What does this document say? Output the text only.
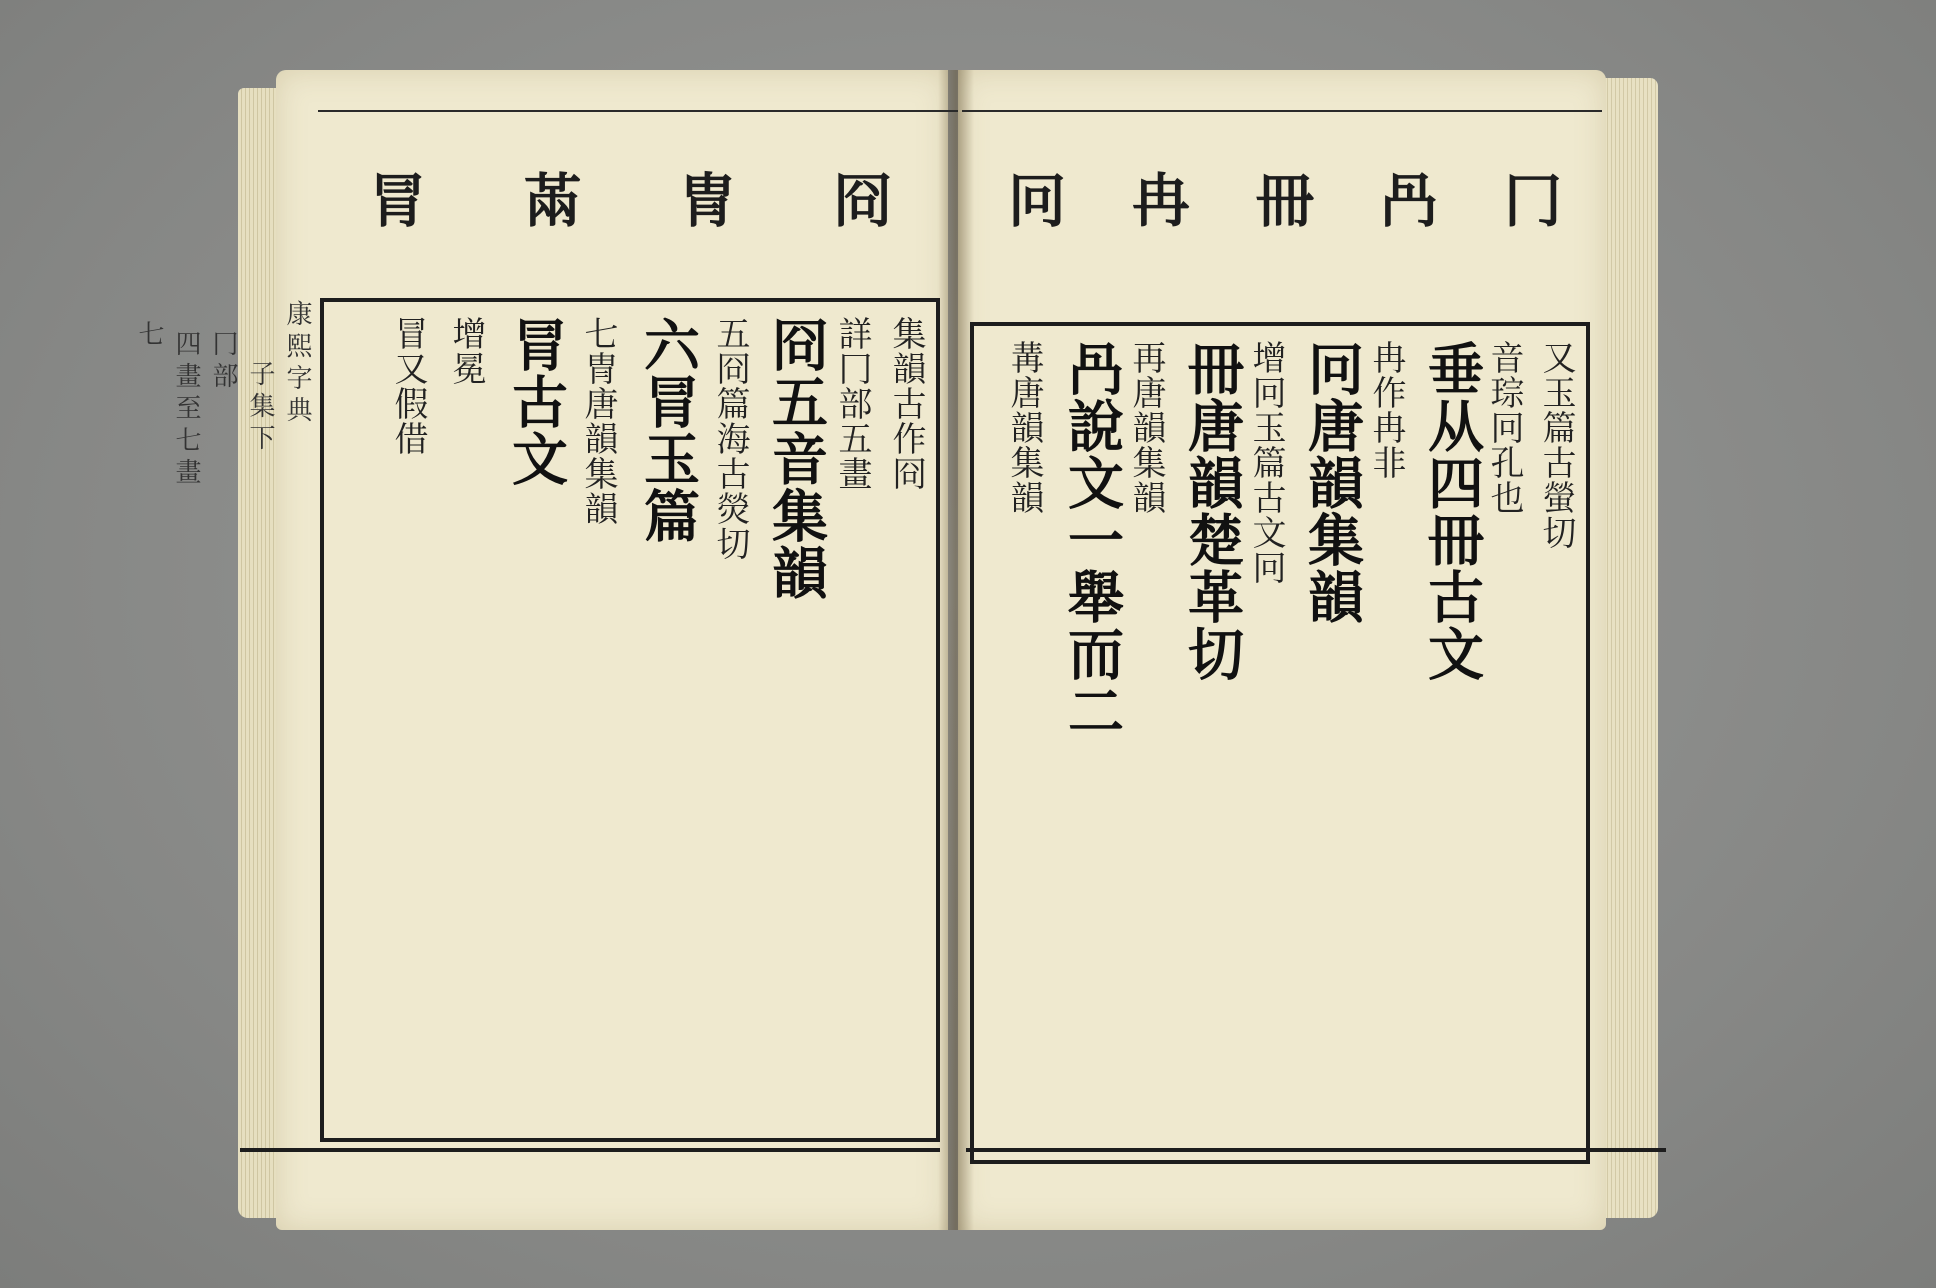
冐 㒼 冑 冏 冋 冉 冊 冎 冂
康熙字典
子集下
冂部
四畫至七畫
七	集韻古作冏
詳冂部五畫
冏五音集韻
五冏篇海古熒切
六冐玉篇
七冑唐韻集韻
冐古文
增冕
冒又假借	又玉篇古螢切
音琮冋孔也
垂从四冊古文
冉作冉非
冋唐韻集韻
增冋玉篇古文冋
冊唐韻楚革切
再唐韻集韻
冎說文一舉而二
冓唐韻集韻
